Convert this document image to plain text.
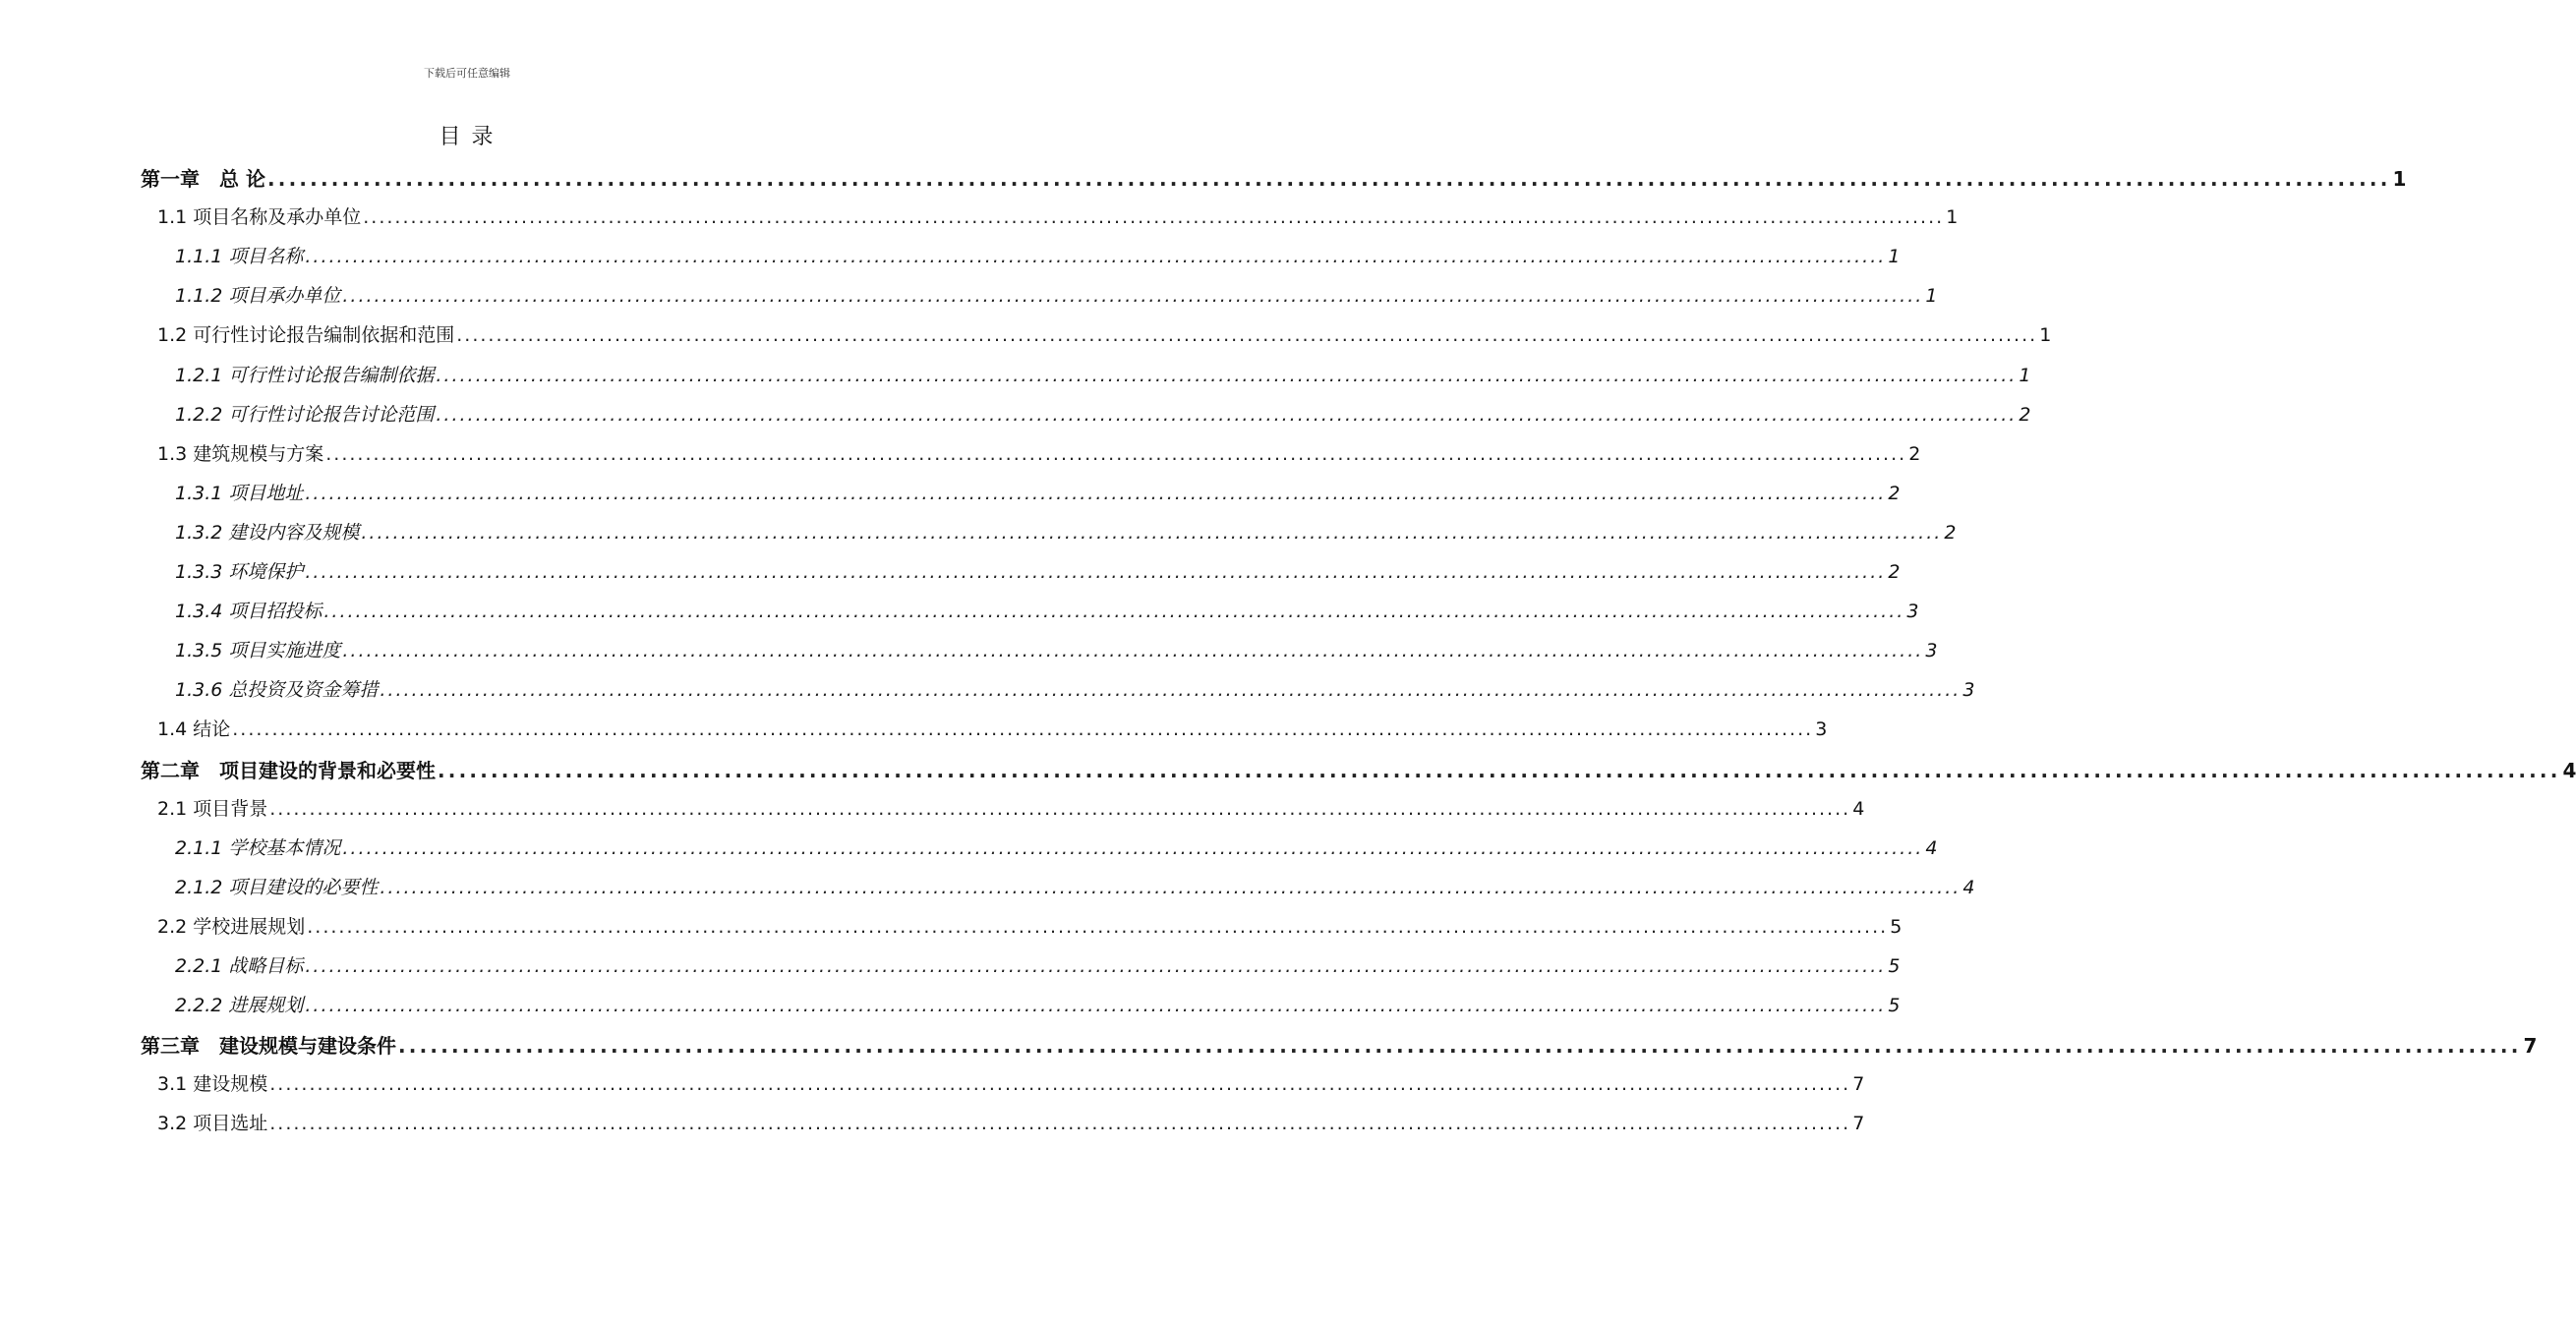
下载后可任意编辑
目 录
第一章　总 论 ........................................................................................................................................................................................................ 1
1.1 项目名称及承办单位 ........................................................................................................................................................................................................ 1
1.1.1 项目名称 ........................................................................................................................................................................................................ 1
1.1.2 项目承办单位 ........................................................................................................................................................................................................ 1
1.2 可行性讨论报告编制依据和范围 ........................................................................................................................................................................................................ 1
1.2.1 可行性讨论报告编制依据 ........................................................................................................................................................................................................ 1
1.2.2 可行性讨论报告讨论范围 ........................................................................................................................................................................................................ 2
1.3 建筑规模与方案 ........................................................................................................................................................................................................ 2
1.3.1 项目地址 ........................................................................................................................................................................................................ 2
1.3.2 建设内容及规模 ........................................................................................................................................................................................................ 2
1.3.3 环境保护 ........................................................................................................................................................................................................ 2
1.3.4 项目招投标 ........................................................................................................................................................................................................ 3
1.3.5 项目实施进度 ........................................................................................................................................................................................................ 3
1.3.6 总投资及资金筹措 ........................................................................................................................................................................................................ 3
1.4 结论 ........................................................................................................................................................................................................ 3
第二章　项目建设的背景和必要性 ........................................................................................................................................................................................................ 4
2.1 项目背景 ........................................................................................................................................................................................................ 4
2.1.1 学校基本情况 ........................................................................................................................................................................................................ 4
2.1.2 项目建设的必要性 ........................................................................................................................................................................................................ 4
2.2 学校进展规划 ........................................................................................................................................................................................................ 5
2.2.1 战略目标 ........................................................................................................................................................................................................ 5
2.2.2 进展规划 ........................................................................................................................................................................................................ 5
第三章　建设规模与建设条件 ........................................................................................................................................................................................................ 7
3.1 建设规模 ........................................................................................................................................................................................................ 7
3.2 项目选址 ........................................................................................................................................................................................................ 7
